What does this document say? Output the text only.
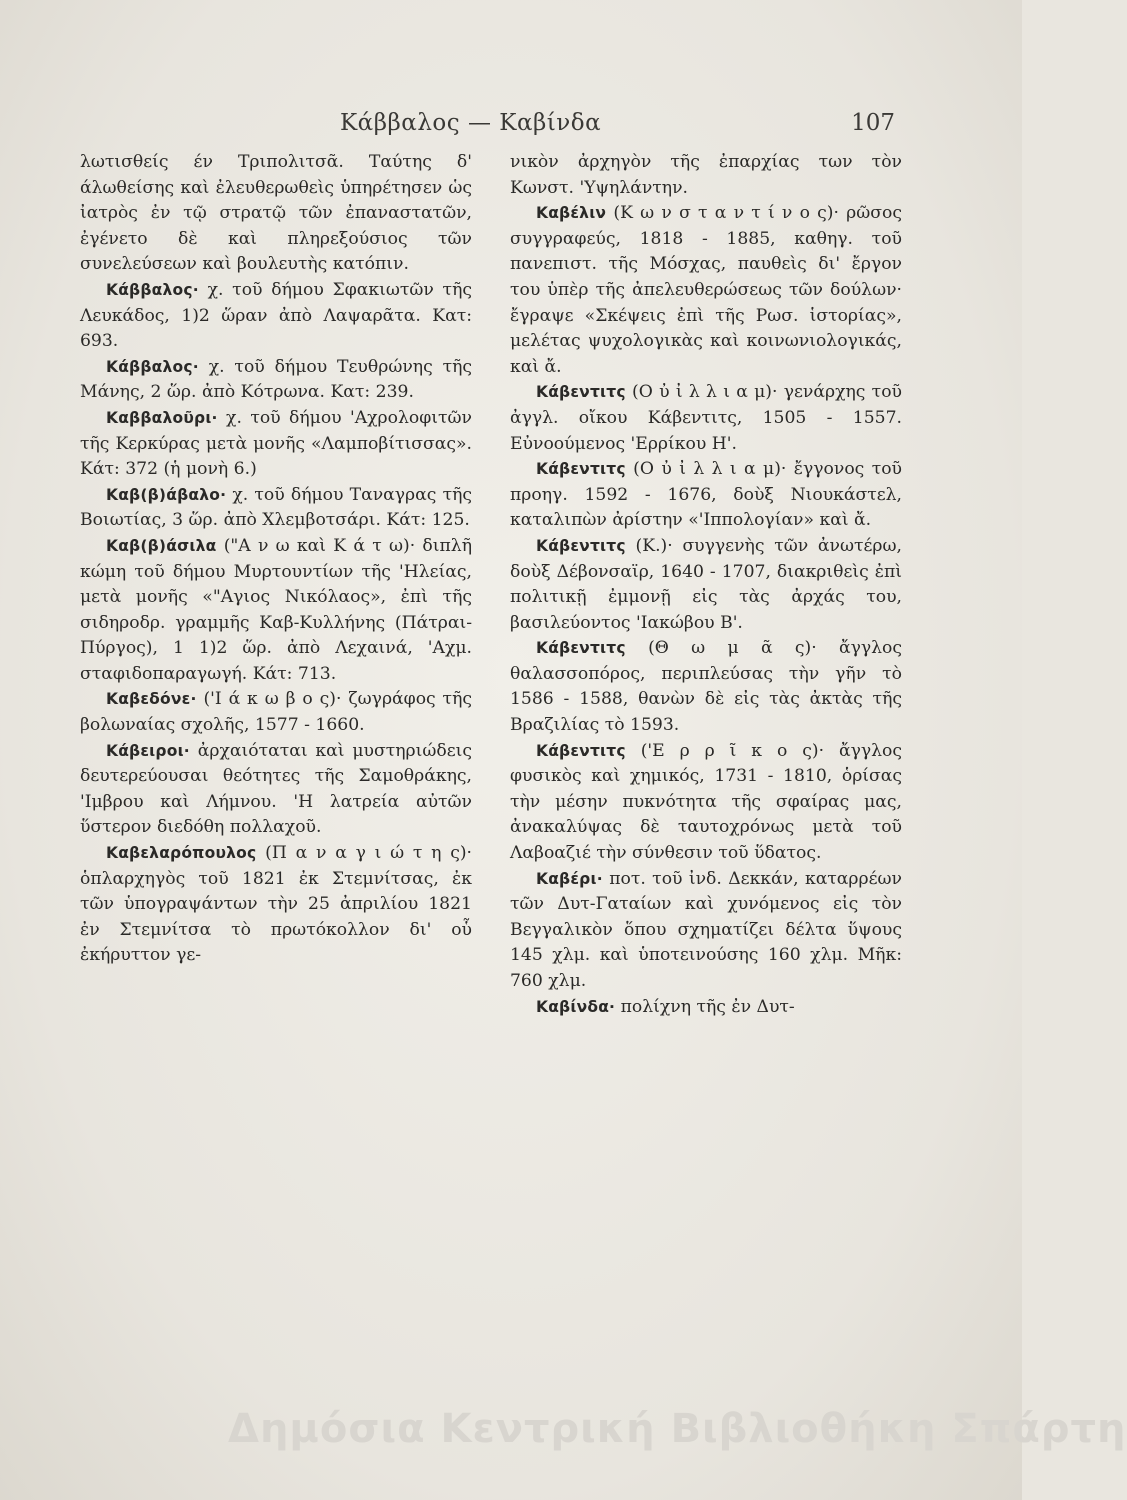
Κάββαλος — Καβίνδα	107

λωτισθείς έν Τριπολιτσᾶ. Ταύτης δ' άλωθείσης καὶ ἐλευθερωθεὶς ὑπηρέτησεν ὡς ἰατρὸς ἐν τῷ στρατῷ τῶν ἐπαναστατῶν, ἐγένετο δὲ καὶ πληρεξούσιος τῶν συνελεύσεων καὶ βουλευτὴς κατόπιν.

Κάββαλος· χ. τοῦ δήμου Σφακιωτῶν τῆς Λευκάδος, 1)2 ὥραν ἀπὸ Λαψαρᾶτα. Κατ: 693.

Κάββαλος· χ. τοῦ δήμου Τευθρώνης τῆς Μάνης, 2 ὥρ. ἀπὸ Κότρωνα. Κατ: 239.

Καββαλοῦρι· χ. τοῦ δήμου 'Αχρολοφιτῶν τῆς Κερκύρας μετὰ μονῆς «Λαμποβίτισσας». Κάτ: 372 (ἡ μονὴ 6.)

Καβ(β)άβαλο· χ. τοῦ δήμου Ταναγρας τῆς Βοιωτίας, 3 ὥρ. ἀπὸ Χλεμβοτσάρι. Κάτ: 125.

Καβ(β)άσιλα ("Α ν ω καὶ Κ ά τ ω)· διπλῆ κώμη τοῦ δήμου Μυρτουντίων τῆς 'Ηλείας, μετὰ μονῆς «"Αγιος Νικόλαος», ἐπὶ τῆς σιδηροδρ. γραμμῆς Καβ-Κυλλήνης (Πάτραι-Πύργος), 1 1)2 ὥρ. ἀπὸ Λεχαινά, 'Αχμ. σταφιδοπαραγωγή. Κάτ: 713.

Καβεδόνε· ('Ι ά κ ω β ο ς)· ζωγράφος τῆς βολωναίας σχολῆς, 1577 - 1660.

Κάβειροι· ἀρχαιόταται καὶ μυστηριώδεις δευτερεύουσαι θεότητες τῆς Σαμοθράκης, 'Ιμβρου καὶ Λήμνου. 'Η λατρεία αὐτῶν ὕστερον διεδόθη πολλαχοῦ.

Καβελαρόπουλος (Π α ν α γ ι ώ τ η ς)· ὁπλαρχηγὸς τοῦ 1821 ἐκ Στεμνίτσας, ἐκ τῶν ὑπογραψάντων τὴν 25 ἀπριλίου 1821 ἐν Στεμνίτσα τὸ πρωτόκολλον δι' οὗ ἐκήρυττον γε-

νικὸν ἀρχηγὸν τῆς ἐπαρχίας των τὸν Κωνστ. 'Υψηλάντην.

Καβέλιν (Κ ω ν σ τ α ν τ ί ν ο ς)· ρῶσος συγγραφεύς, 1818 - 1885, καθηγ. τοῦ πανεπιστ. τῆς Μόσχας, παυθεὶς δι' ἔργον του ὑπὲρ τῆς ἀπελευθερώσεως τῶν δούλων· ἔγραψε «Σκέψεις ἐπὶ τῆς Ρωσ. ἱστορίας», μελέτας ψυχολογικὰς καὶ κοινωνιολογικάς, καὶ ἄ.

Κάβεντιτς (Ο ὐ ἰ λ λ ι α μ)· γενάρχης τοῦ ἀγγλ. οἴκου Κάβεντιτς, 1505 - 1557. Εὐνοούμενος 'Ερρίκου Η'.

Κάβεντιτς (Ο ὐ ἰ λ λ ι α μ)· ἔγγονος τοῦ προηγ. 1592 - 1676, δοὺξ Νιουκάστελ, καταλιπὼν ἀρίστην «'Ιππολογίαν» καὶ ἄ.

Κάβεντιτς (Κ.)· συγγενὴς τῶν ἀνωτέρω, δοὺξ Δέβονσαϊρ, 1640 - 1707, διακριθεὶς ἐπὶ πολιτικῇ ἐμμονῇ εἰς τὰς ἀρχάς του, βασιλεύοντος 'Ιακώβου Β'.

Κάβεντιτς (Θ ω μ ᾶ ς)· ἄγγλος θαλασσοπόρος, περιπλεύσας τὴν γῆν τὸ 1586 - 1588, θανὼν δὲ εἰς τὰς ἀκτὰς τῆς Βραζιλίας τὸ 1593.

Κάβεντιτς ('Ε ρ ρ ῖ κ ο ς)· ἄγγλος φυσικὸς καὶ χημικός, 1731 - 1810, ὁρίσας τὴν μέσην πυκνότητα τῆς σφαίρας μας, ἀνακαλύψας δὲ ταυτοχρόνως μετὰ τοῦ Λαβοαζιέ τὴν σύνθεσιν τοῦ ὕδατος.

Καβέρι· ποτ. τοῦ ἰνδ. Δεκκάν, καταρρέων τῶν Δυτ-Γαταίων καὶ χυνόμενος εἰς τὸν Βεγγαλικὸν ὅπου σχηματίζει δέλτα ὕψους 145 χλμ. καὶ ὑποτεινούσης 160 χλμ. Μῆκ: 760 χλμ.

Καβίνδα· πολίχνη τῆς ἐν Δυτ-

Δημόσια Κεντρική Βιβλιοθήκη Σπάρτη
